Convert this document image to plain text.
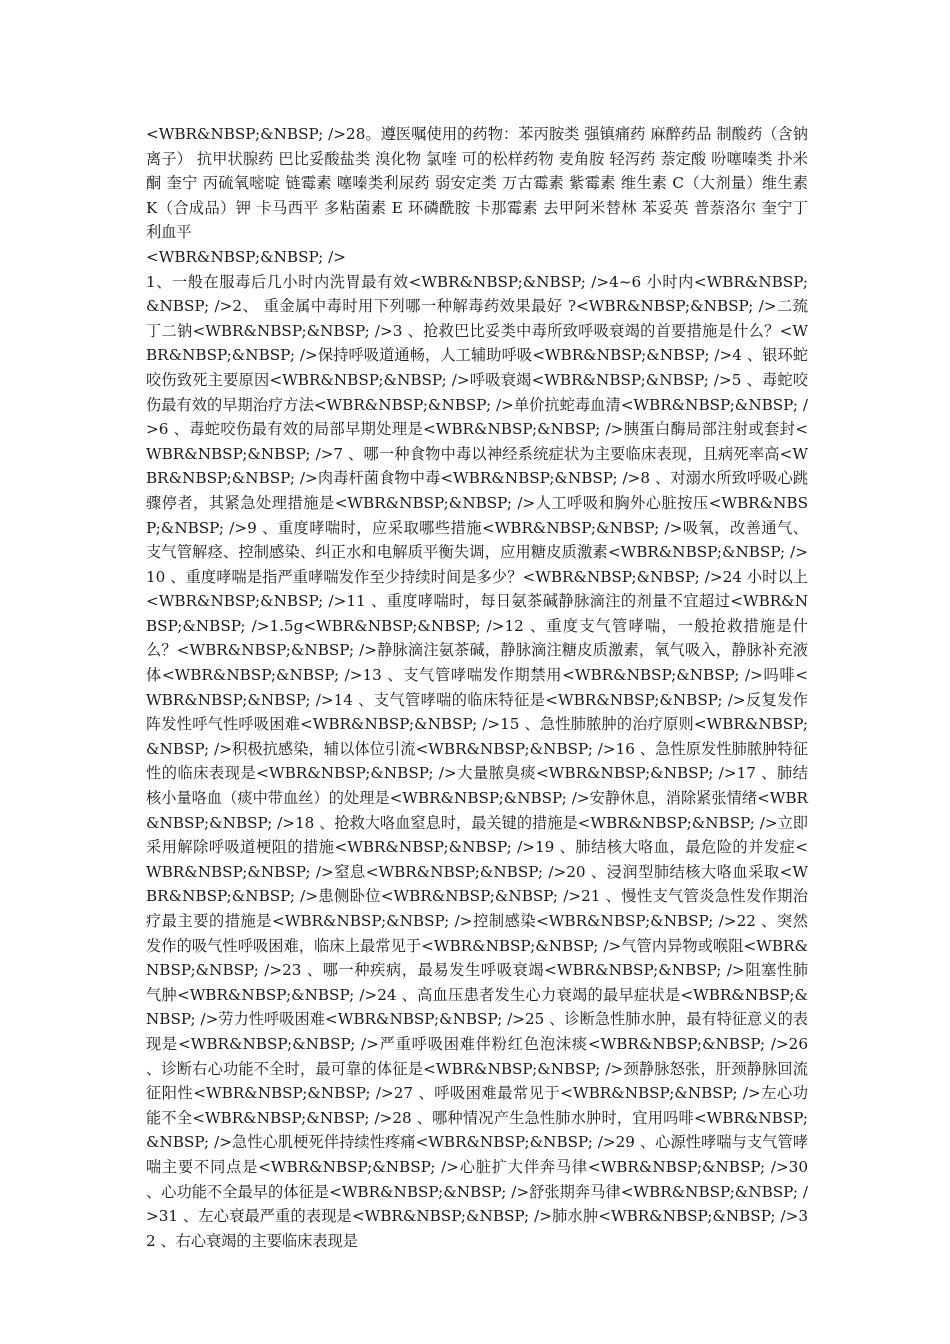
<WBR&NBSP;&NBSP; />28。遵医嘱使用的药物：苯丙胺类 强镇痛药 麻醉药品 制酸药（含钠离子） 抗甲状腺药 巴比妥酸盐类 溴化物 氯喹 可的松样药物 麦角胺 轻泻药 萘定酸 吩噻嗪类 扑米酮 奎宁 丙硫氧嘧啶 链霉素 噻嗪类利尿药 弱安定类 万古霉素 紫霉素 维生素 C（大剂量）维生素 K（合成品）钾 卡马西平 多粘菌素 E 环磷酰胺 卡那霉素 去甲阿米替林 苯妥英 普萘洛尔 奎宁丁 利血平

<WBR&NBSP;&NBSP; />

1、一般在服毒后几小时内洗胃最有效<WBR&NBSP;&NBSP; />4~6 小时内<WBR&NBSP;&NBSP; />2、 重金属中毒时用下列哪一种解毒药效果最好 ?<WBR&NBSP;&NBSP; />二巯丁二钠<WBR&NBSP;&NBSP; />3 、抢救巴比妥类中毒所致呼吸衰竭的首要措施是什么？<WBR&NBSP;&NBSP; />保持呼吸道通畅，人工辅助呼吸<WBR&NBSP;&NBSP; />4 、银环蛇咬伤致死主要原因<WBR&NBSP;&NBSP; />呼吸衰竭<WBR&NBSP;&NBSP; />5 、毒蛇咬伤最有效的早期治疗方法<WBR&NBSP;&NBSP; />单价抗蛇毒血清<WBR&NBSP;&NBSP; />6 、毒蛇咬伤最有效的局部早期处理是<WBR&NBSP;&NBSP; />胰蛋白酶局部注射或套封<WBR&NBSP;&NBSP; />7 、哪一种食物中毒以神经系统症状为主要临床表现，且病死率高<WBR&NBSP;&NBSP; />肉毒杆菌食物中毒<WBR&NBSP;&NBSP; />8 、对溺水所致呼吸心跳骤停者，其紧急处理措施是<WBR&NBSP;&NBSP; />人工呼吸和胸外心脏按压<WBR&NBSP;&NBSP; />9 、重度哮喘时，应采取哪些措施<WBR&NBSP;&NBSP; />吸氧，改善通气、支气管解痉、控制感染、纠正水和电解质平衡失调，应用糖皮质激素<WBR&NBSP;&NBSP; />10 、重度哮喘是指严重哮喘发作至少持续时间是多少？<WBR&NBSP;&NBSP; />24 小时以上<WBR&NBSP;&NBSP; />11 、重度哮喘时，每日氨茶碱静脉滴注的剂量不宜超过<WBR&NBSP;&NBSP; />1.5g<WBR&NBSP;&NBSP; />12 、重度支气管哮喘，一般抢救措施是什么？<WBR&NBSP;&NBSP; />静脉滴注氨茶碱，静脉滴注糖皮质激素，氧气吸入，静脉补充液体<WBR&NBSP;&NBSP; />13 、支气管哮喘发作期禁用<WBR&NBSP;&NBSP; />吗啡<WBR&NBSP;&NBSP; />14 、支气管哮喘的临床特征是<WBR&NBSP;&NBSP; />反复发作阵发性呼气性呼吸困难<WBR&NBSP;&NBSP; />15 、急性肺脓肿的治疗原则<WBR&NBSP;&NBSP; />积极抗感染，辅以体位引流<WBR&NBSP;&NBSP; />16 、急性原发性肺脓肿特征性的临床表现是<WBR&NBSP;&NBSP; />大量脓臭痰<WBR&NBSP;&NBSP; />17 、肺结核小量咯血（痰中带血丝）的处理是<WBR&NBSP;&NBSP; />安静休息，消除紧张情绪<WBR&NBSP;&NBSP; />18 、抢救大咯血窒息时，最关键的措施是<WBR&NBSP;&NBSP; />立即采用解除呼吸道梗阻的措施<WBR&NBSP;&NBSP; />19 、肺结核大咯血，最危险的并发症<WBR&NBSP;&NBSP; />窒息<WBR&NBSP;&NBSP; />20 、浸润型肺结核大咯血采取<WBR&NBSP;&NBSP; />患侧卧位<WBR&NBSP;&NBSP; />21 、慢性支气管炎急性发作期治疗最主要的措施是<WBR&NBSP;&NBSP; />控制感染<WBR&NBSP;&NBSP; />22 、突然发作的吸气性呼吸困难，临床上最常见于<WBR&NBSP;&NBSP; />气管内异物或喉阻<WBR&NBSP;&NBSP; />23 、哪一种疾病，最易发生呼吸衰竭<WBR&NBSP;&NBSP; />阻塞性肺气肿<WBR&NBSP;&NBSP; />24 、高血压患者发生心力衰竭的最早症状是<WBR&NBSP;&NBSP; />劳力性呼吸困难<WBR&NBSP;&NBSP; />25 、诊断急性肺水肿，最有特征意义的表现是<WBR&NBSP;&NBSP; />严重呼吸困难伴粉红色泡沫痰<WBR&NBSP;&NBSP; />26 、诊断右心功能不全时，最可靠的体征是<WBR&NBSP;&NBSP; />颈静脉怒张，肝颈静脉回流征阳性<WBR&NBSP;&NBSP; />27 、呼吸困难最常见于<WBR&NBSP;&NBSP; />左心功能不全<WBR&NBSP;&NBSP; />28 、哪种情况产生急性肺水肿时，宜用吗啡<WBR&NBSP;&NBSP; />急性心肌梗死伴持续性疼痛<WBR&NBSP;&NBSP; />29 、心源性哮喘与支气管哮喘主要不同点是<WBR&NBSP;&NBSP; />心脏扩大伴奔马律<WBR&NBSP;&NBSP; />30 、心功能不全最早的体征是<WBR&NBSP;&NBSP; />舒张期奔马律<WBR&NBSP;&NBSP; />31 、左心衰最严重的表现是<WBR&NBSP;&NBSP; />肺水肿<WBR&NBSP;&NBSP; />32 、右心衰竭的主要临床表现是
